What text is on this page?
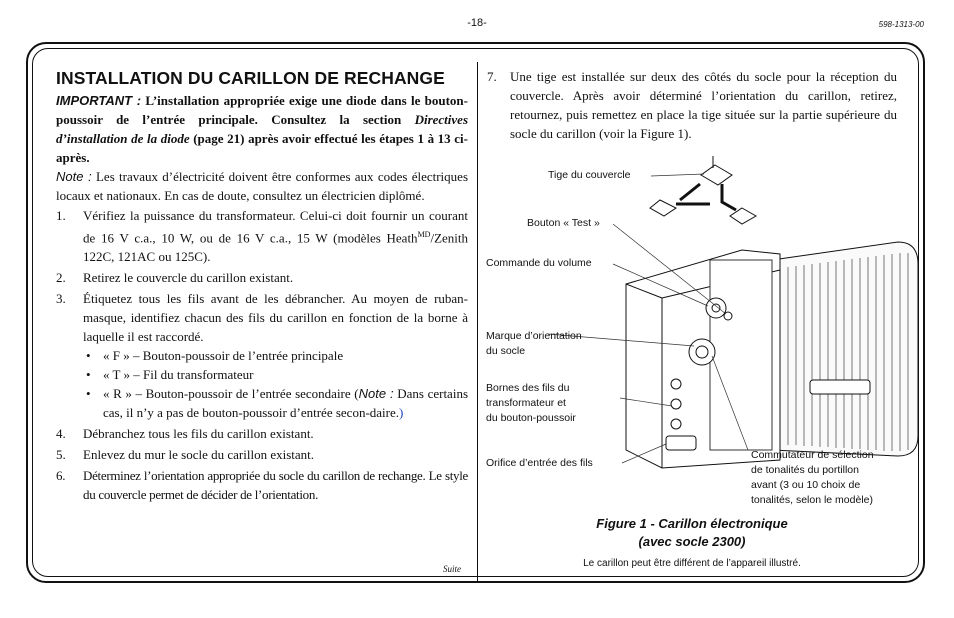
-18-	598-1313-00
INSTALLATION DU CARILLON DE RECHANGE

IMPORTANT : L’installation appropriée exige une diode dans le bouton-poussoir de l’entrée principale. Consultez la section Directives d’installation de la diode (page 21) après avoir effectué les étapes 1 à 13 ci-après.

Note : Les travaux d’électricité doivent être conformes aux codes électriques locaux et nationaux. En cas de doute, consultez un électricien diplômé.

1. Vérifiez la puissance du transformateur. Celui-ci doit fournir un courant de 16 V c.a., 10 W, ou de 16 V c.a., 15 W (modèles Heath$^{MD}$/Zenith 122C, 121AC ou 125C).
2. Retirez le couvercle du carillon existant.
3. Étiquetez tous les fils avant de les débrancher. Au moyen de ruban-masque, identifiez chacun des fils du carillon en fonction de la borne à laquelle il est raccordé.
• « F » – Bouton-poussoir de l’entrée principale
• « T » – Fil du transformateur
• « R » – Bouton-poussoir de l’entrée secondaire (Note : Dans certains cas, il n’y a pas de bouton-poussoir d’entrée secon-daire.)
4. Débranchez tous les fils du carillon existant.
5. Enlevez du mur le socle du carillon existant.
6. Déterminez l’orientation appropriée du socle du carillon de rechange. Le style du couvercle permet de décider de l’orientation.
Suite
7.	Une tige est installée sur deux des côtés du socle pour la réception du couvercle. Après avoir déterminé l’orientation du carillon, retirez, retournez, puis remettez en place la tige située sur la partie supérieure du socle du carillon (voir la Figure 1).
Tige du couvercle
Bouton « Test »
Commande du volume
Marque d’orientation
du socle
Bornes des fils du
transformateur et
du bouton-poussoir
Orifice d’entrée des fils
Commutateur de sélection
de tonalités du portillon
avant (3 ou 10 choix de
tonalités, selon le modèle)
Figure 1 - Carillon électronique
(avec socle 2300)
Le carillon peut être différent de l’appareil illustré.
